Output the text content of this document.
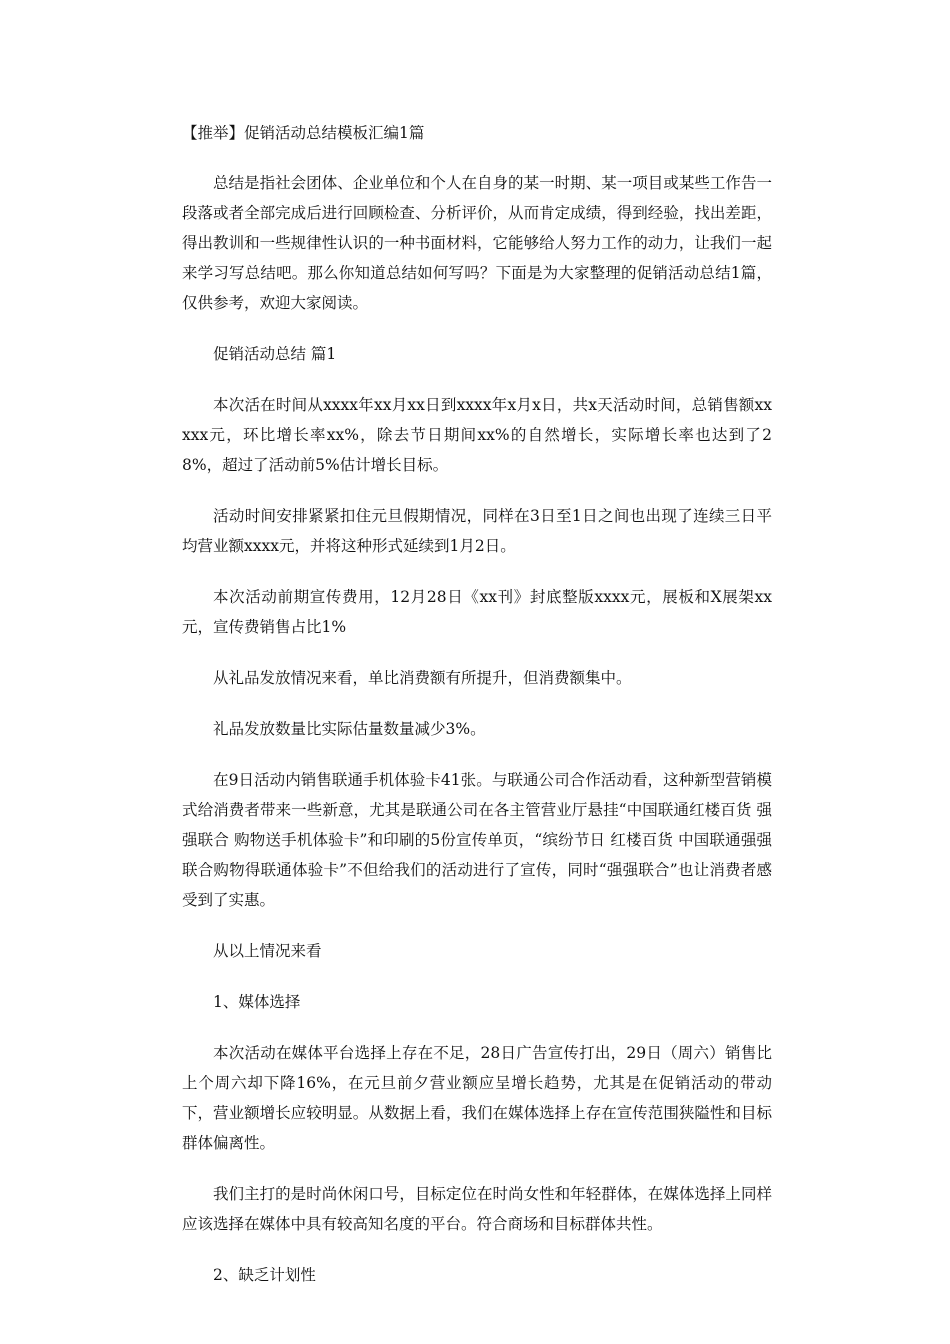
【推举】促销活动总结模板汇编1篇

总结是指社会团体、企业单位和个人在自身的某一时期、某一项目或某些工作告一段落或者全部完成后进行回顾检查、分析评价，从而肯定成绩，得到经验，找出差距，得出教训和一些规律性认识的一种书面材料，它能够给人努力工作的动力，让我们一起来学习写总结吧。那么你知道总结如何写吗？下面是为大家整理的促销活动总结1篇，仅供参考，欢迎大家阅读。

促销活动总结 篇1

本次活在时间从xxxx年xx月xx日到xxxx年x月x日，共x天活动时间，总销售额xxxxx元，环比增长率xx%，除去节日期间xx%的自然增长，实际增长率也达到了28%，超过了活动前5%估计增长目标。

活动时间安排紧紧扣住元旦假期情况，同样在3日至1日之间也出现了连续三日平均营业额xxxx元，并将这种形式延续到1月2日。

本次活动前期宣传费用，12月28日《xx刊》封底整版xxxx元，展板和X展架xx元，宣传费销售占比1%

从礼品发放情况来看，单比消费额有所提升，但消费额集中。

礼品发放数量比实际估量数量减少3%。

在9日活动内销售联通手机体验卡41张。与联通公司合作活动看，这种新型营销模式给消费者带来一些新意，尤其是联通公司在各主管营业厅悬挂“中国联通红楼百货 强强联合 购物送手机体验卡”和印刷的5份宣传单页，“缤纷节日 红楼百货 中国联通强强联合购物得联通体验卡”不但给我们的活动进行了宣传，同时“强强联合”也让消费者感受到了实惠。

从以上情况来看

1、媒体选择

本次活动在媒体平台选择上存在不足，28日广告宣传打出，29日（周六）销售比上个周六却下降16%，在元旦前夕营业额应呈增长趋势，尤其是在促销活动的带动下，营业额增长应较明显。从数据上看，我们在媒体选择上存在宣传范围狭隘性和目标群体偏离性。

我们主打的是时尚休闲口号，目标定位在时尚女性和年轻群体，在媒体选择上同样应该选择在媒体中具有较高知名度的平台。符合商场和目标群体共性。

2、缺乏计划性
